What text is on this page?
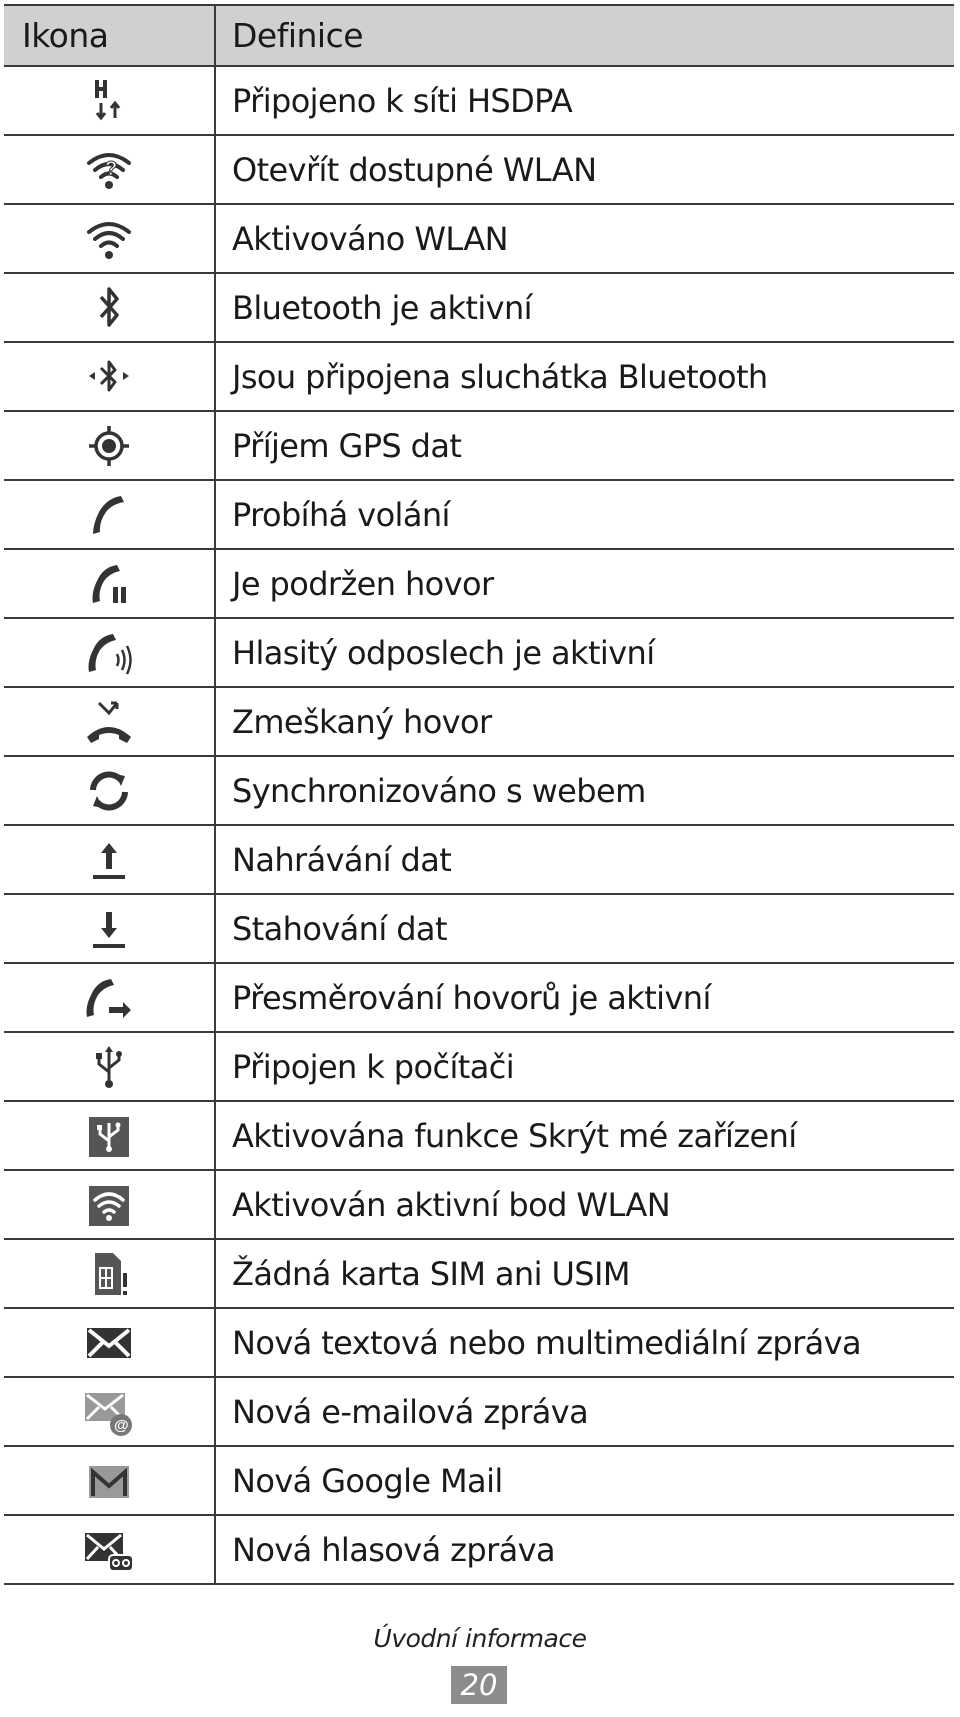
Ikona	Definice
	Připojeno k síti HSDPA

?	Otevřít dostupné WLAN
	Aktivováno WLAN
	Bluetooth je aktivní
	Jsou připojena sluchátka Bluetooth
	Příjem GPS dat
	Probíhá volání
	Je podržen hovor
	Hlasitý odposlech je aktivní
	Zmeškaný hovor
	Synchronizováno s webem
	Nahrávání dat
	Stahování dat
	Přesměrování hovorů je aktivní
	Připojen k počítači
	Aktivována funkce Skrýt mé zařízení
	Aktivován aktivní bod WLAN
	Žádná karta SIM ani USIM
	Nová textová nebo multimediální zpráva

@	Nová e-mailová zpráva
	Nová Google Mail
	Nová hlasová zpráva
Úvodní informace
20
